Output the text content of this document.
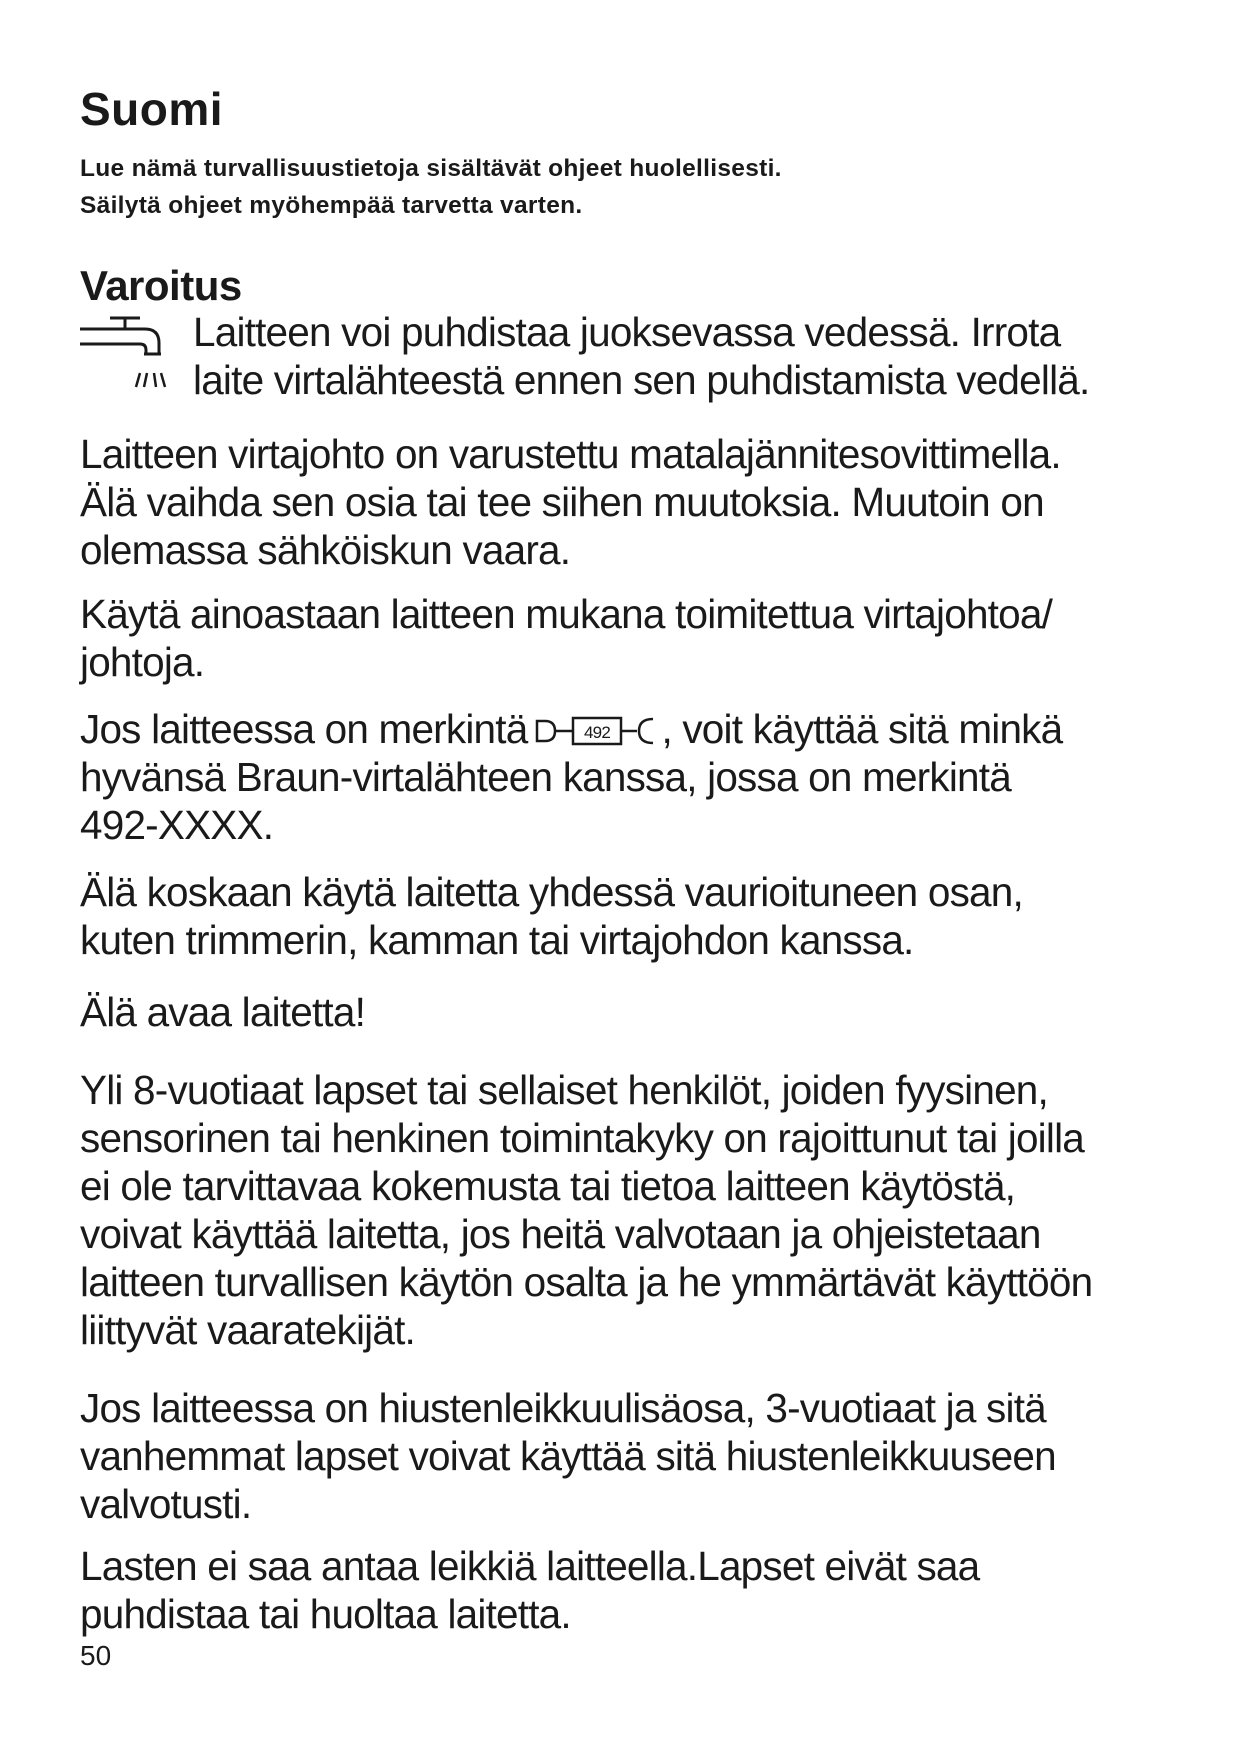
Suomi
Lue nämä turvallisuustietoja sisältävät ohjeet huolellisesti.
Säilytä ohjeet myöhempää tarvetta varten.
Varoitus
Laitteen voi puhdistaa juoksevassa vedessä. Irrota
laite virtalähteestä ennen sen puhdistamista vedellä.

Laitteen virtajohto on varustettu matalajännitesovittimella.
Älä vaihda sen osia tai tee siihen muutoksia. Muutoin on
olemassa sähköiskun vaara.

Käytä ainoastaan laitteen mukana toimitettua virtajohtoa/
johtoja.

Jos laitteessa on merkintä	492 , voit käyttää sitä minkä
hyvänsä Braun-virtalähteen kanssa, jossa on merkintä
492-XXXX.

Älä koskaan käytä laitetta yhdessä vaurioituneen osan,
kuten trimmerin, kamman tai virtajohdon kanssa.

Älä avaa laitetta!

Yli 8-vuotiaat lapset tai sellaiset henkilöt, joiden fyysinen,
sensorinen tai henkinen toimintakyky on rajoittunut tai joilla
ei ole tarvittavaa kokemusta tai tietoa laitteen käytöstä,
voivat käyttää laitetta, jos heitä valvotaan ja ohjeistetaan
laitteen turvallisen käytön osalta ja he ymmärtävät käyttöön
liittyvät vaaratekijät.

Jos laitteessa on hiustenleikkuulisäosa, 3-vuotiaat ja sitä
vanhemmat lapset voivat käyttää sitä hiustenleikkuuseen
valvotusti.

Lasten ei saa antaa leikkiä laitteella.Lapset eivät saa
puhdistaa tai huoltaa laitetta.

50
